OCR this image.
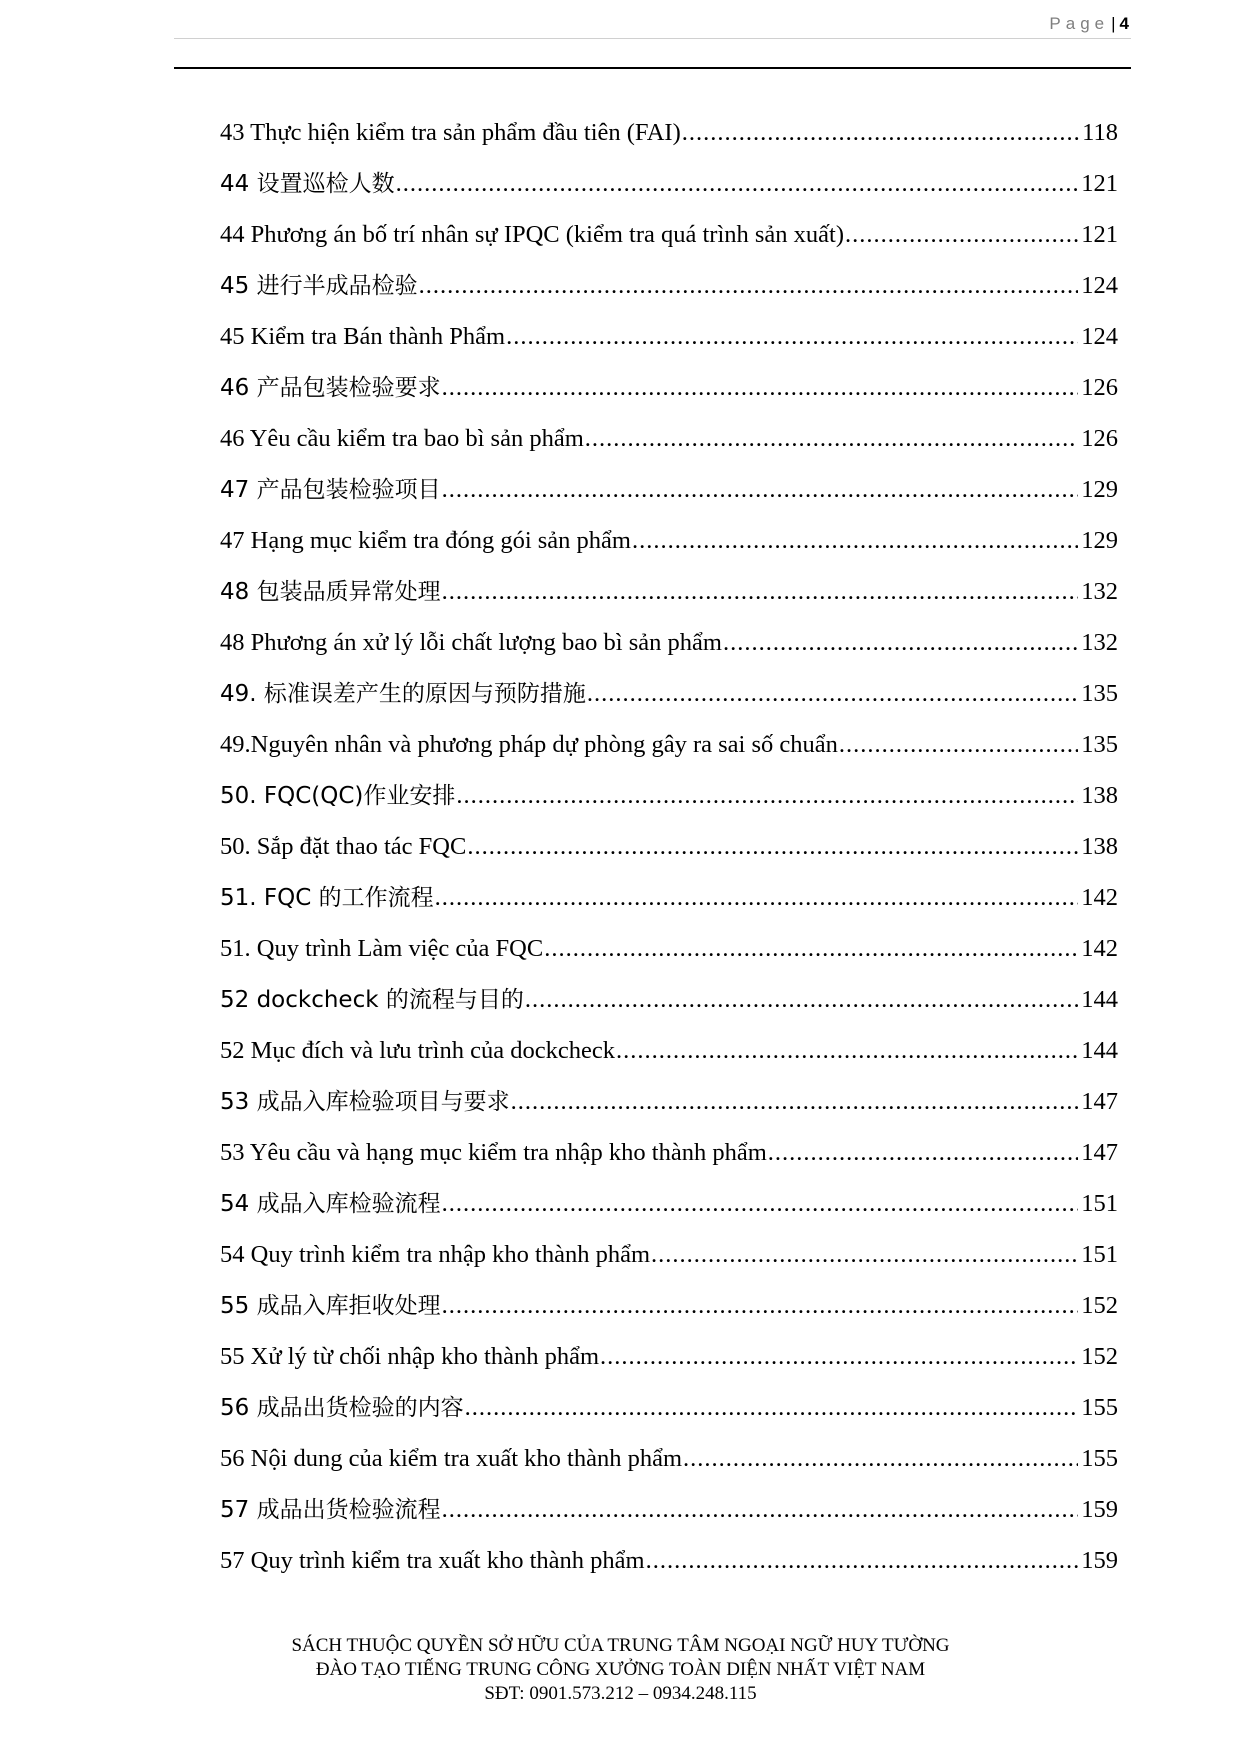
Page | 4
43 Thực hiện kiểm tra sản phẩm đầu tiên (FAI) .....	118
44 设置巡检人数 .....	121
44 Phương án bố trí nhân sự IPQC (kiểm tra quá trình sản xuất) .....	121
45 进行半成品检验 .....	124
45 Kiểm tra Bán thành Phẩm .....	124
46 产品包装检验要求 .....	126
46 Yêu cầu kiểm tra bao bì sản phẩm .....	126
47 产品包装检验项目 .....	129
47 Hạng mục kiểm tra đóng gói sản phẩm .....	129
48 包装品质异常处理 .....	132
48 Phương án xử lý lỗi chất lượng bao bì sản phẩm .....	132
49. 标准误差产生的原因与预防措施 .....	135
49.Nguyên nhân và phương pháp dự phòng gây ra sai số chuẩn .....	135
50. FQC(QC)作业安排 .....	138
50. Sắp đặt thao tác FQC .....	138
51. FQC 的工作流程 .....	142
51. Quy trình Làm việc của FQC .....	142
52 dockcheck 的流程与目的 .....	144
52 Mục đích và lưu trình của dockcheck .....	144
53 成品入库检验项目与要求 .....	147
53 Yêu cầu và hạng mục kiểm tra nhập kho thành phẩm .....	147
54 成品入库检验流程 .....	151
54 Quy trình kiểm tra nhập kho thành phẩm .....	151
55 成品入库拒收处理 .....	152
55 Xử lý từ chối nhập kho thành phẩm .....	152
56 成品出货检验的内容 .....	155
56 Nội dung của kiểm tra xuất kho thành phẩm .....	155
57 成品出货检验流程 .....	159
57 Quy trình kiểm tra xuất kho thành phẩm .....	159
SÁCH THUỘC QUYỀN SỞ HỮU CỦA TRUNG TÂM NGOẠI NGỮ HUY TƯỜNG
ĐÀO TẠO TIẾNG TRUNG CÔNG XƯỞNG TOÀN DIỆN NHẤT VIỆT NAM
SĐT: 0901.573.212 – 0934.248.115
